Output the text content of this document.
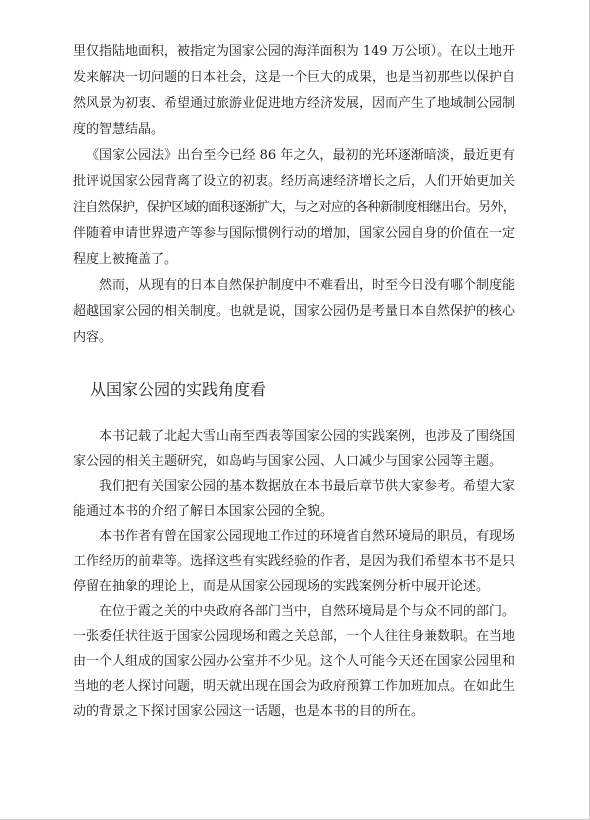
里仅指陆地面积，被指定为国家公园的海洋面积为 149 万公顷）。在以土地开
发来解决一切问题的日本社会，这是一个巨大的成果，也是当初那些以保护自
然风景为初衷、希望通过旅游业促进地方经济发展，因而产生了地域制公园制
度的智慧结晶。
《国家公园法》出台至今已经 86 年之久，最初的光环逐渐暗淡，最近更有
批评说国家公园背离了设立的初衷。经历高速经济增长之后，人们开始更加关
注自然保护，保护区域的面积逐渐扩大，与之对应的各种新制度相继出台。另外，
伴随着申请世界遗产等参与国际惯例行动的增加，国家公园自身的价值在一定
程度上被掩盖了。
然而，从现有的日本自然保护制度中不难看出，时至今日没有哪个制度能
超越国家公园的相关制度。也就是说，国家公园仍是考量日本自然保护的核心
内容。
从国家公园的实践角度看
本书记载了北起大雪山南至西表等国家公园的实践案例，也涉及了围绕国
家公园的相关主题研究，如岛屿与国家公园、人口减少与国家公园等主题。
我们把有关国家公园的基本数据放在本书最后章节供大家参考。希望大家
能通过本书的介绍了解日本国家公园的全貌。
本书作者有曾在国家公园现地工作过的环境省自然环境局的职员，有现场
工作经历的前辈等。选择这些有实践经验的作者，是因为我们希望本书不是只
停留在抽象的理论上，而是从国家公园现场的实践案例分析中展开论述。
在位于霞之关的中央政府各部门当中，自然环境局是个与众不同的部门。
一张委任状往返于国家公园现场和霞之关总部，一个人往往身兼数职。在当地
由一个人组成的国家公园办公室并不少见。这个人可能今天还在国家公园里和
当地的老人探讨问题，明天就出现在国会为政府预算工作加班加点。在如此生
动的背景之下探讨国家公园这一话题，也是本书的目的所在。
